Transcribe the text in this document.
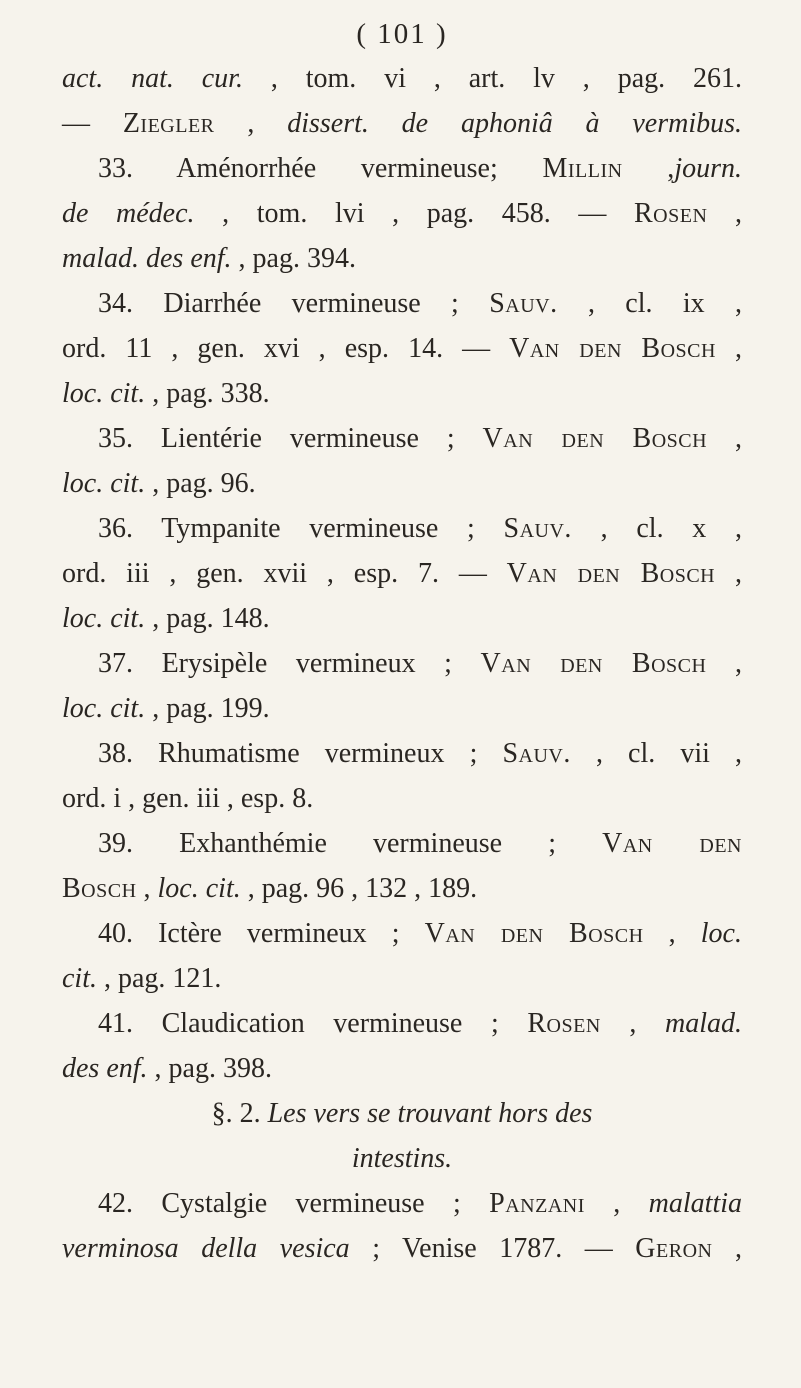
( 101 )
act. nat. cur. , tom. vi , art. lv , pag. 261.
— Ziegler , dissert. de aphoniâ à vermibus.
33. Aménorrhée vermineuse; Millin ,journ.
de médec. , tom. lvi , pag. 458. — Rosen ,
malad. des enf. , pag. 394.
34. Diarrhée vermineuse ; Sauv. , cl. ix ,
ord. 11 , gen. xvi , esp. 14. — Van den Bosch ,
loc. cit. , pag. 338.
35. Lientérie vermineuse ; Van den Bosch ,
loc. cit. , pag. 96.
36. Tympanite vermineuse ; Sauv. , cl. x ,
ord. iii , gen. xvii , esp. 7. — Van den Bosch ,
loc. cit. , pag. 148.
37. Erysipèle vermineux ; Van den Bosch ,
loc. cit. , pag. 199.
38. Rhumatisme vermineux ; Sauv. , cl. vii ,
ord. i , gen. iii , esp. 8.
39. Exhanthémie vermineuse ; Van den
Bosch , loc. cit. , pag. 96 , 132 , 189.
40. Ictère vermineux ; Van den Bosch , loc.
cit. , pag. 121.
41. Claudication vermineuse ; Rosen , malad.
des enf. , pag. 398.
§. 2. Les vers se trouvant hors des
intestins.
42. Cystalgie vermineuse ; Panzani , malattia
verminosa della vesica ; Venise 1787. — Geron ,
